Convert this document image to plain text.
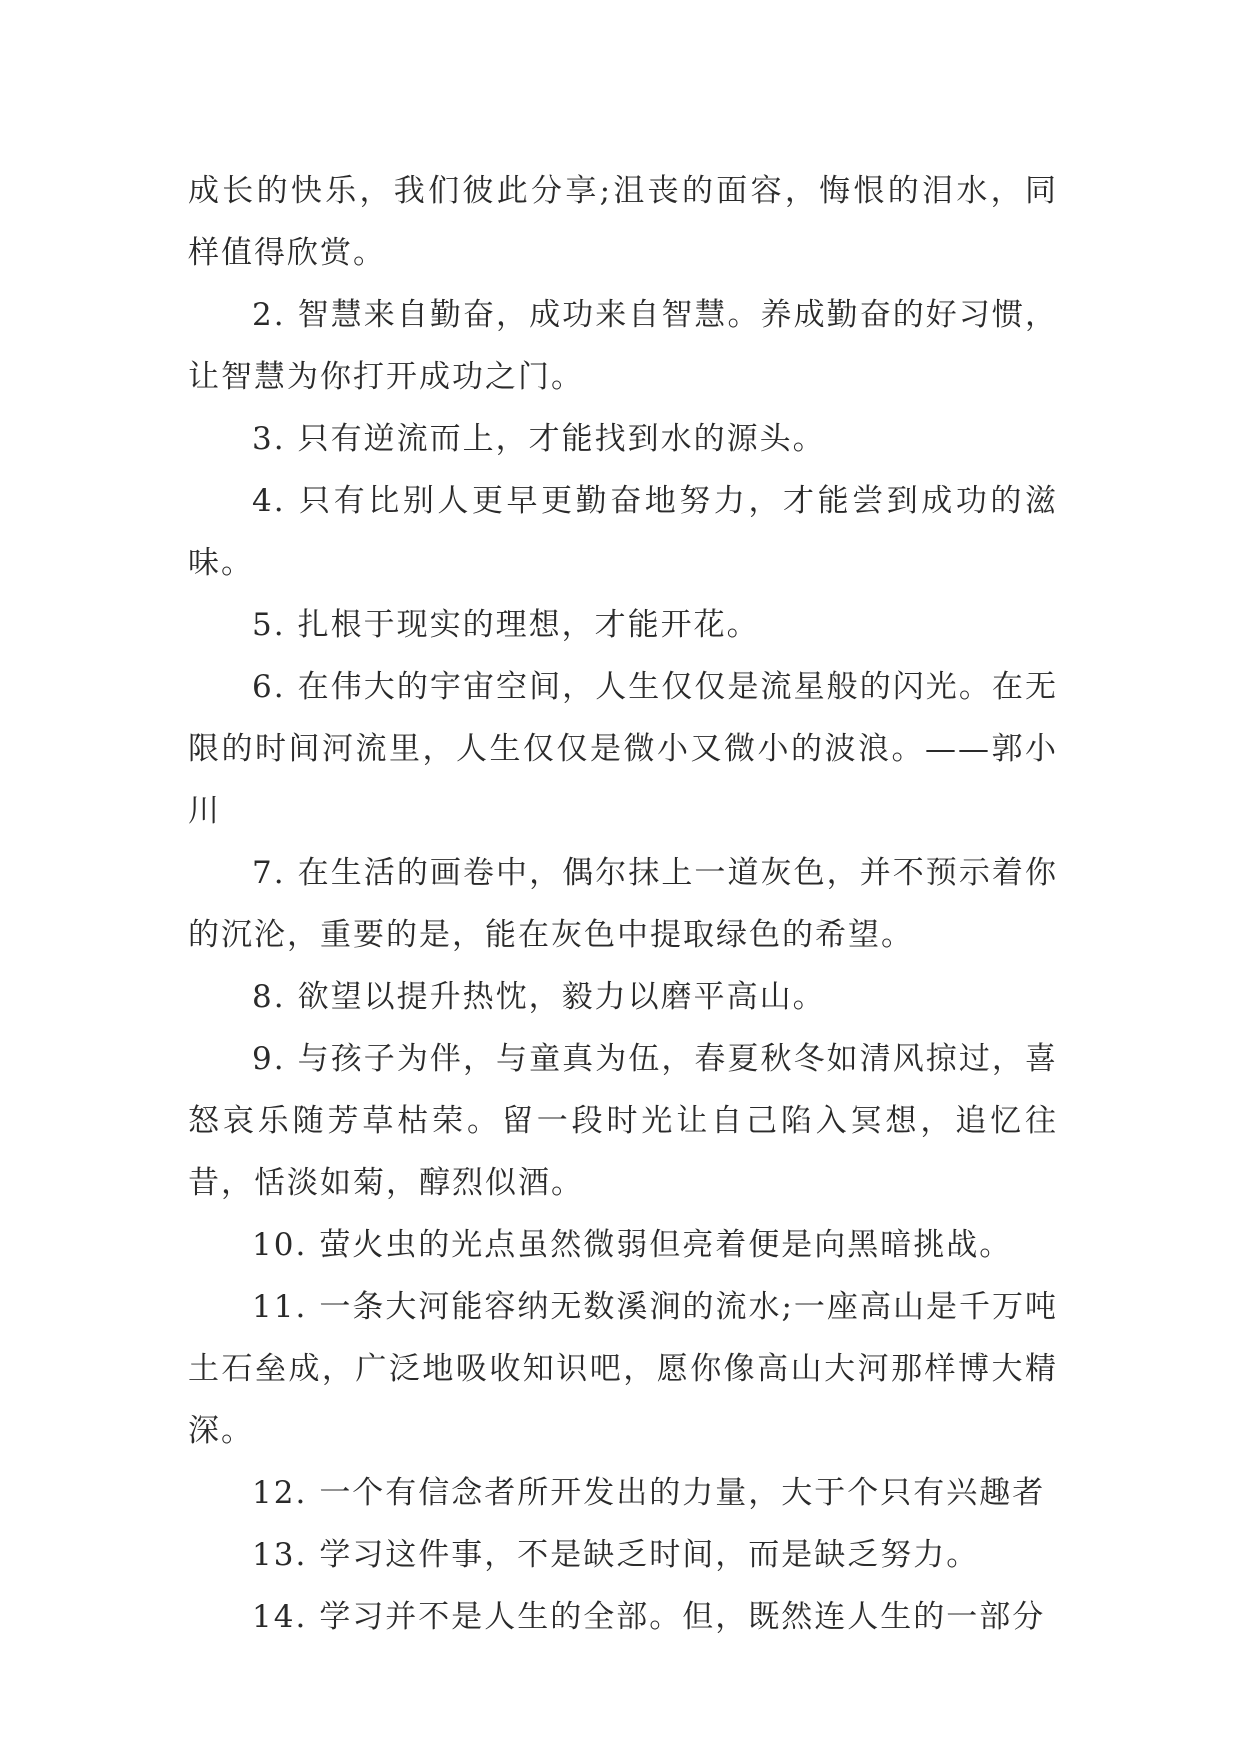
成长的快乐，我们彼此分享;沮丧的面容，悔恨的泪水，同样值得欣赏。

2. 智慧来自勤奋，成功来自智慧。养成勤奋的好习惯，让智慧为你打开成功之门。

3. 只有逆流而上，才能找到水的源头。

4. 只有比别人更早更勤奋地努力，才能尝到成功的滋味。

5. 扎根于现实的理想，才能开花。

6. 在伟大的宇宙空间，人生仅仅是流星般的闪光。在无限的时间河流里，人生仅仅是微小又微小的波浪。——郭小川

7. 在生活的画卷中，偶尔抹上一道灰色，并不预示着你的沉沦，重要的是，能在灰色中提取绿色的希望。

8. 欲望以提升热忱，毅力以磨平高山。

9. 与孩子为伴，与童真为伍，春夏秋冬如清风掠过，喜怒哀乐随芳草枯荣。留一段时光让自己陷入冥想，追忆往昔，恬淡如菊，醇烈似酒。

10. 萤火虫的光点虽然微弱但亮着便是向黑暗挑战。

11. 一条大河能容纳无数溪涧的流水;一座高山是千万吨土石垒成，广泛地吸收知识吧，愿你像高山大河那样博大精深。

12. 一个有信念者所开发出的力量，大于个只有兴趣者

13. 学习这件事，不是缺乏时间，而是缺乏努力。

14. 学习并不是人生的全部。但，既然连人生的一部分
